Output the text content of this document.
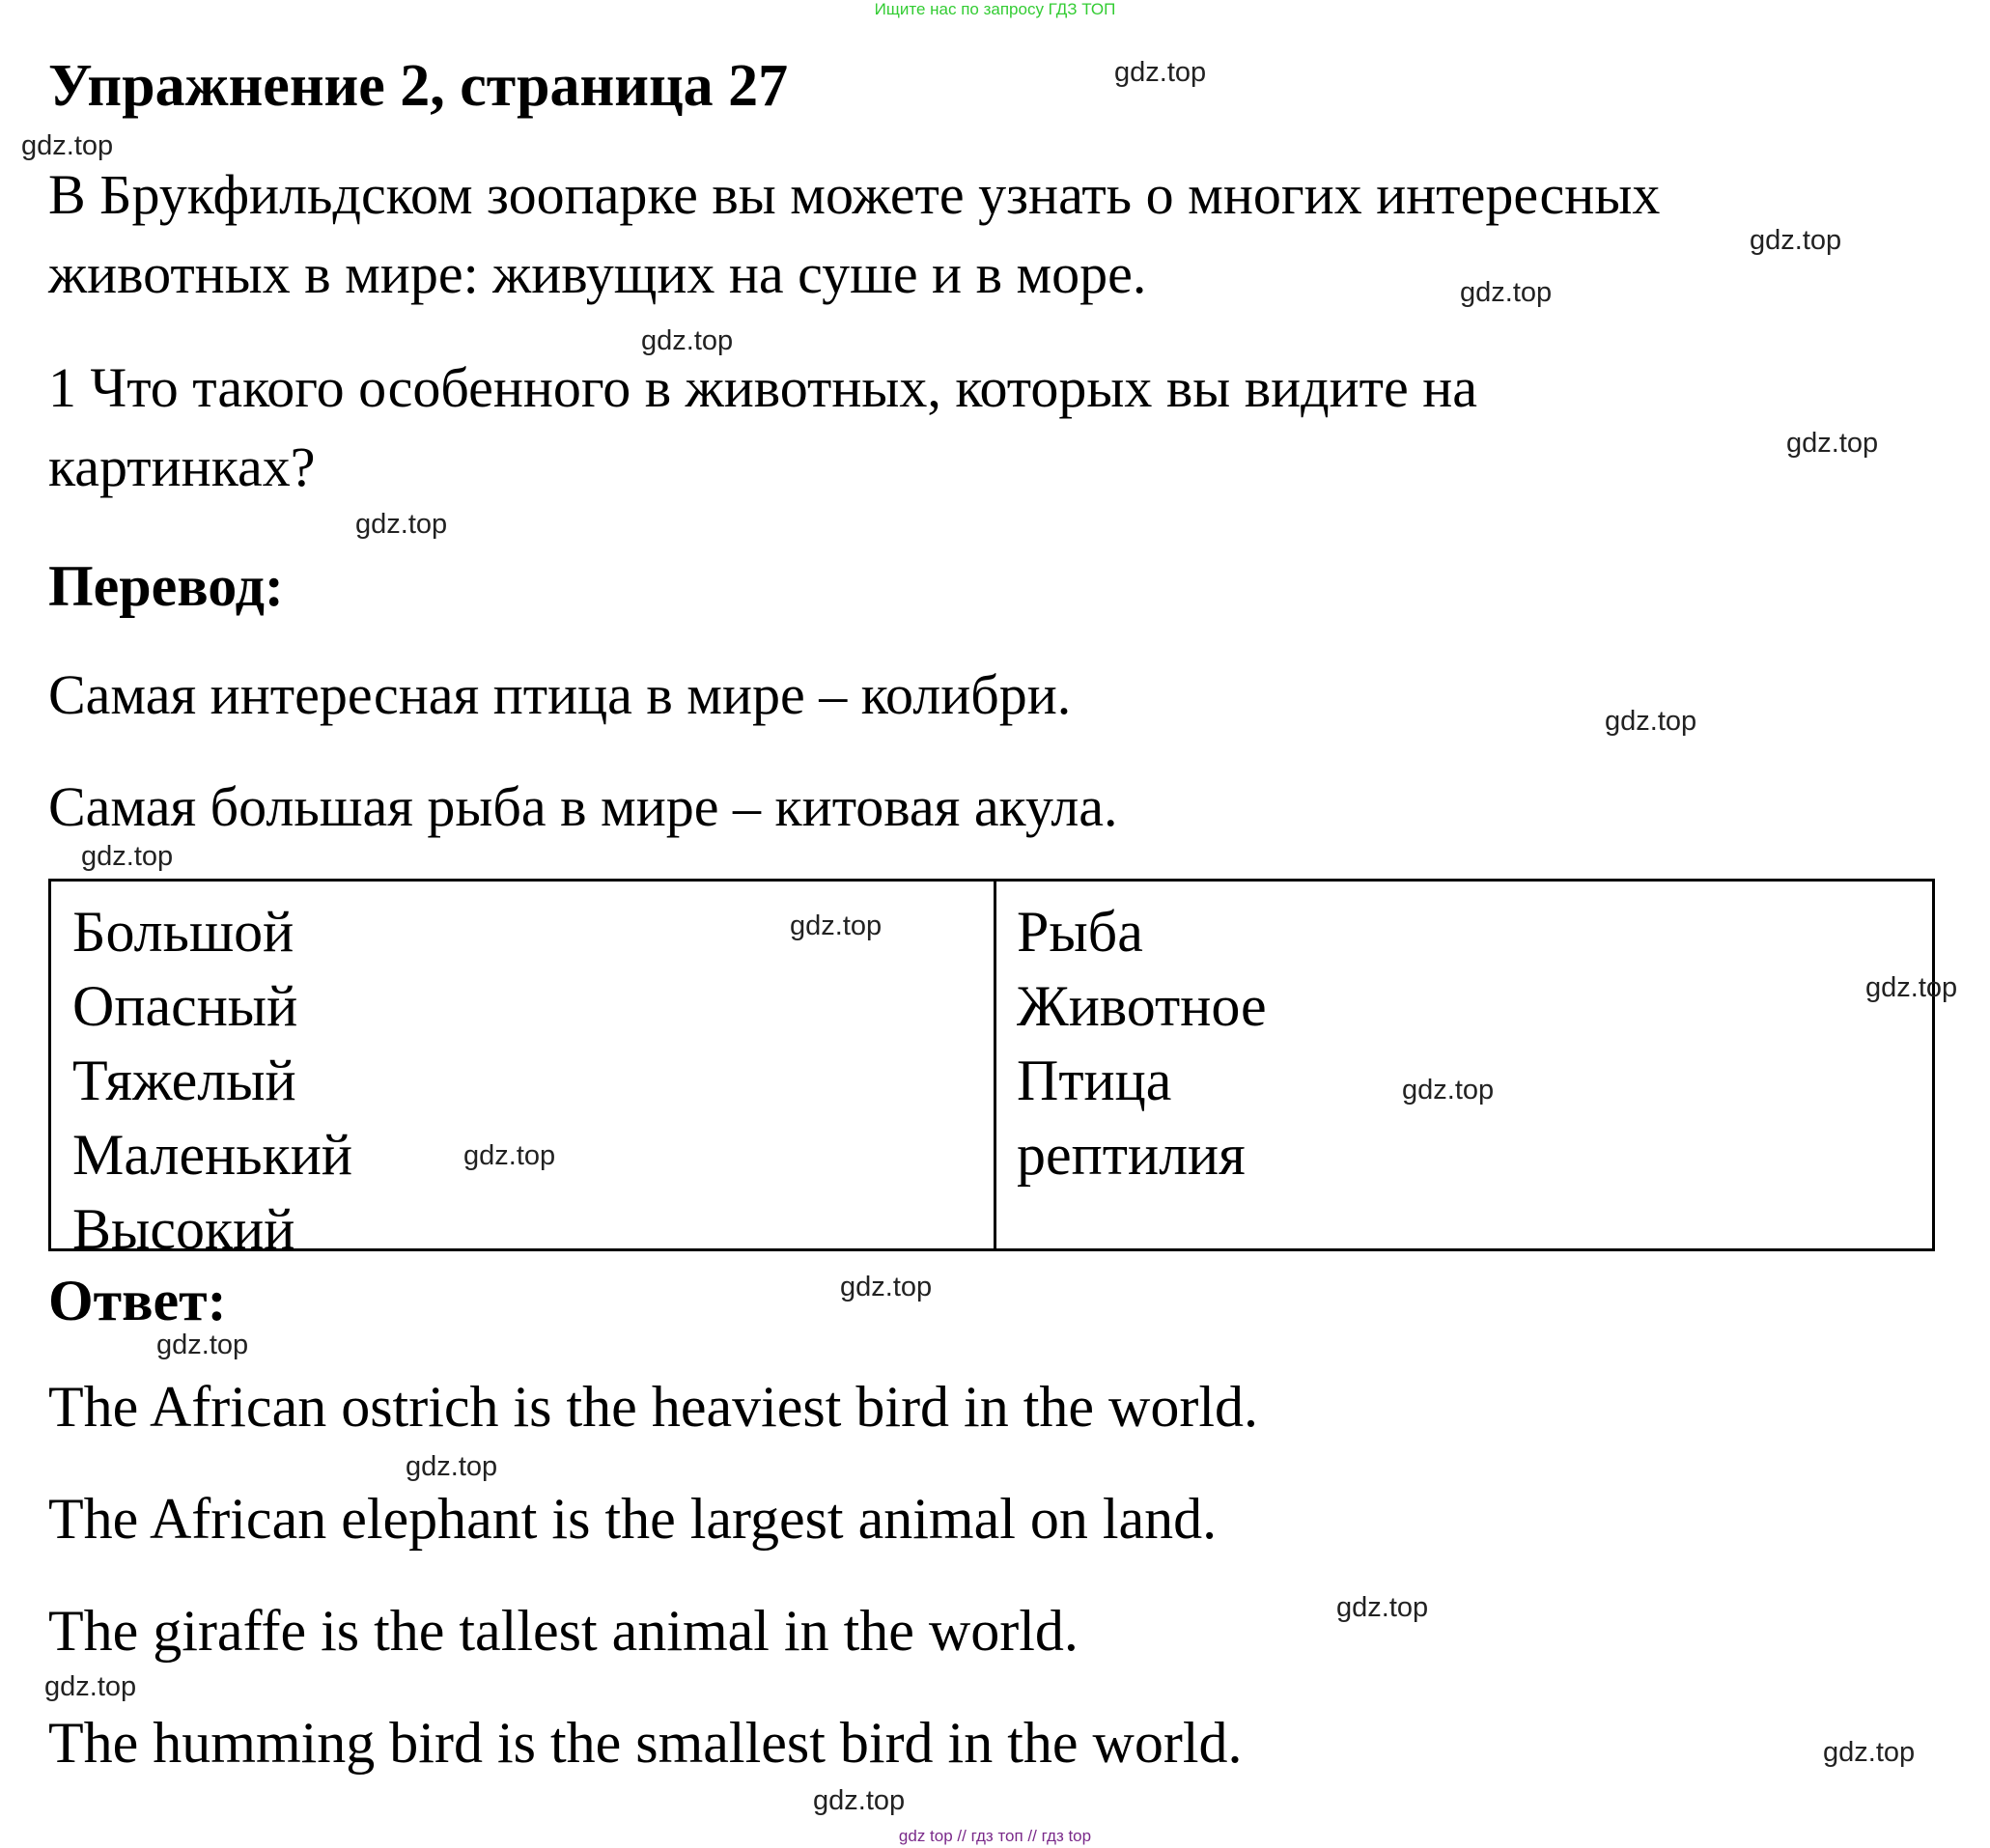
Ищите нас по запросу ГДЗ ТОП
Упражнение 2, страница 27
В Брукфильдском зоопарке вы можете узнать о многих интересных
животных в мире: живущих на суше и в море.
1 Что такого особенного в животных, которых вы видите на
картинках?
Перевод:
Самая интересная птица в мире – колибри.
Самая большая рыба в мире – китовая акула.
Большой
Опасный
Тяжелый
Маленький
Высокий
Рыба
Животное
Птица
рептилия
Ответ:
The African ostrich is the heaviest bird in the world.
The African elephant is the largest animal on land.
The giraffe is the tallest animal in the world.
The humming bird is the smallest bird in the world.
gdz.top
gdz.top
gdz.top
gdz.top
gdz.top
gdz.top
gdz.top
gdz.top
gdz.top
gdz.top
gdz.top
gdz.top
gdz.top
gdz.top
gdz.top
gdz.top
gdz.top
gdz.top
gdz.top
gdz.top
gdz top // гдз топ // гдз top
